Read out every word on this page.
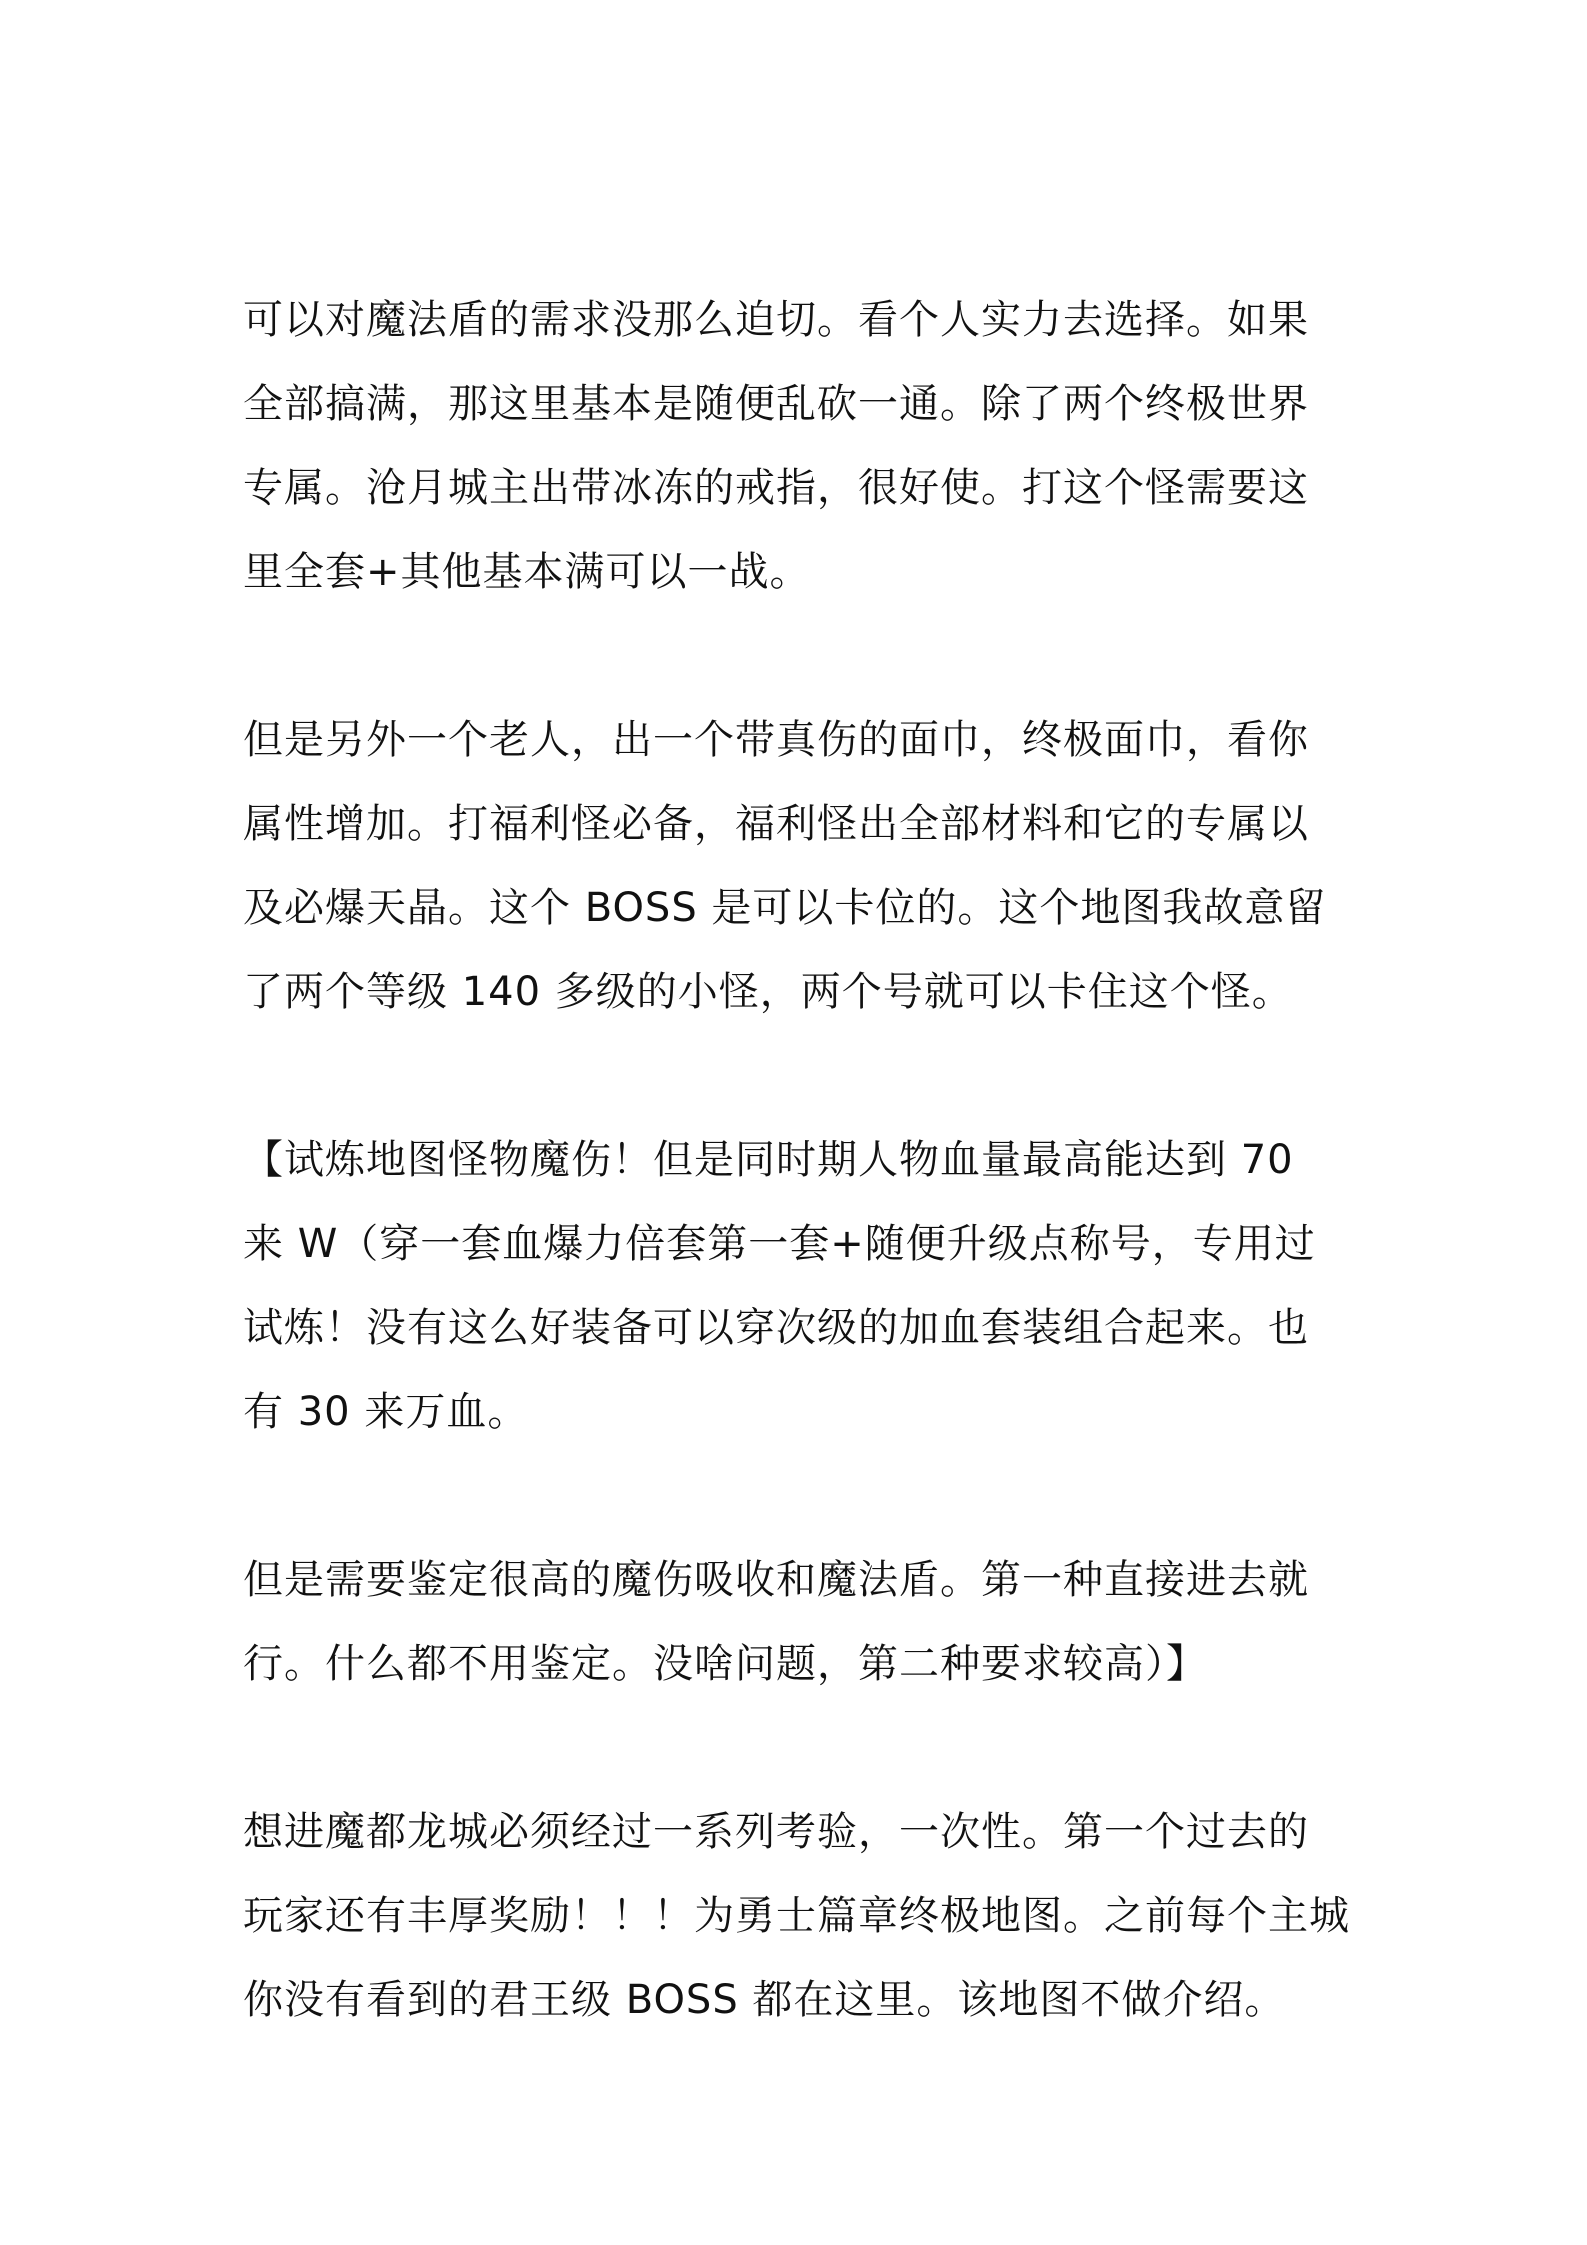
可以对魔法盾的需求没那么迫切。看个人实力去选择。如果
全部搞满，那这里基本是随便乱砍一通。除了两个终极世界
专属。沧月城主出带冰冻的戒指，很好使。打这个怪需要这
里全套+其他基本满可以一战。
但是另外一个老人，出一个带真伤的面巾，终极面巾，看你
属性增加。打福利怪必备，福利怪出全部材料和它的专属以
及必爆天晶。这个 BOSS 是可以卡位的。这个地图我故意留
了两个等级 140 多级的小怪，两个号就可以卡住这个怪。
【试炼地图怪物魔伤！但是同时期人物血量最高能达到 70
来 W（穿一套血爆力倍套第一套+随便升级点称号，专用过
试炼！没有这么好装备可以穿次级的加血套装组合起来。也
有 30 来万血。
但是需要鉴定很高的魔伤吸收和魔法盾。第一种直接进去就
行。什么都不用鉴定。没啥问题，第二种要求较高）】
想进魔都龙城必须经过一系列考验，一次性。第一个过去的
玩家还有丰厚奖励！！！为勇士篇章终极地图。之前每个主城
你没有看到的君王级 BOSS 都在这里。该地图不做介绍。
